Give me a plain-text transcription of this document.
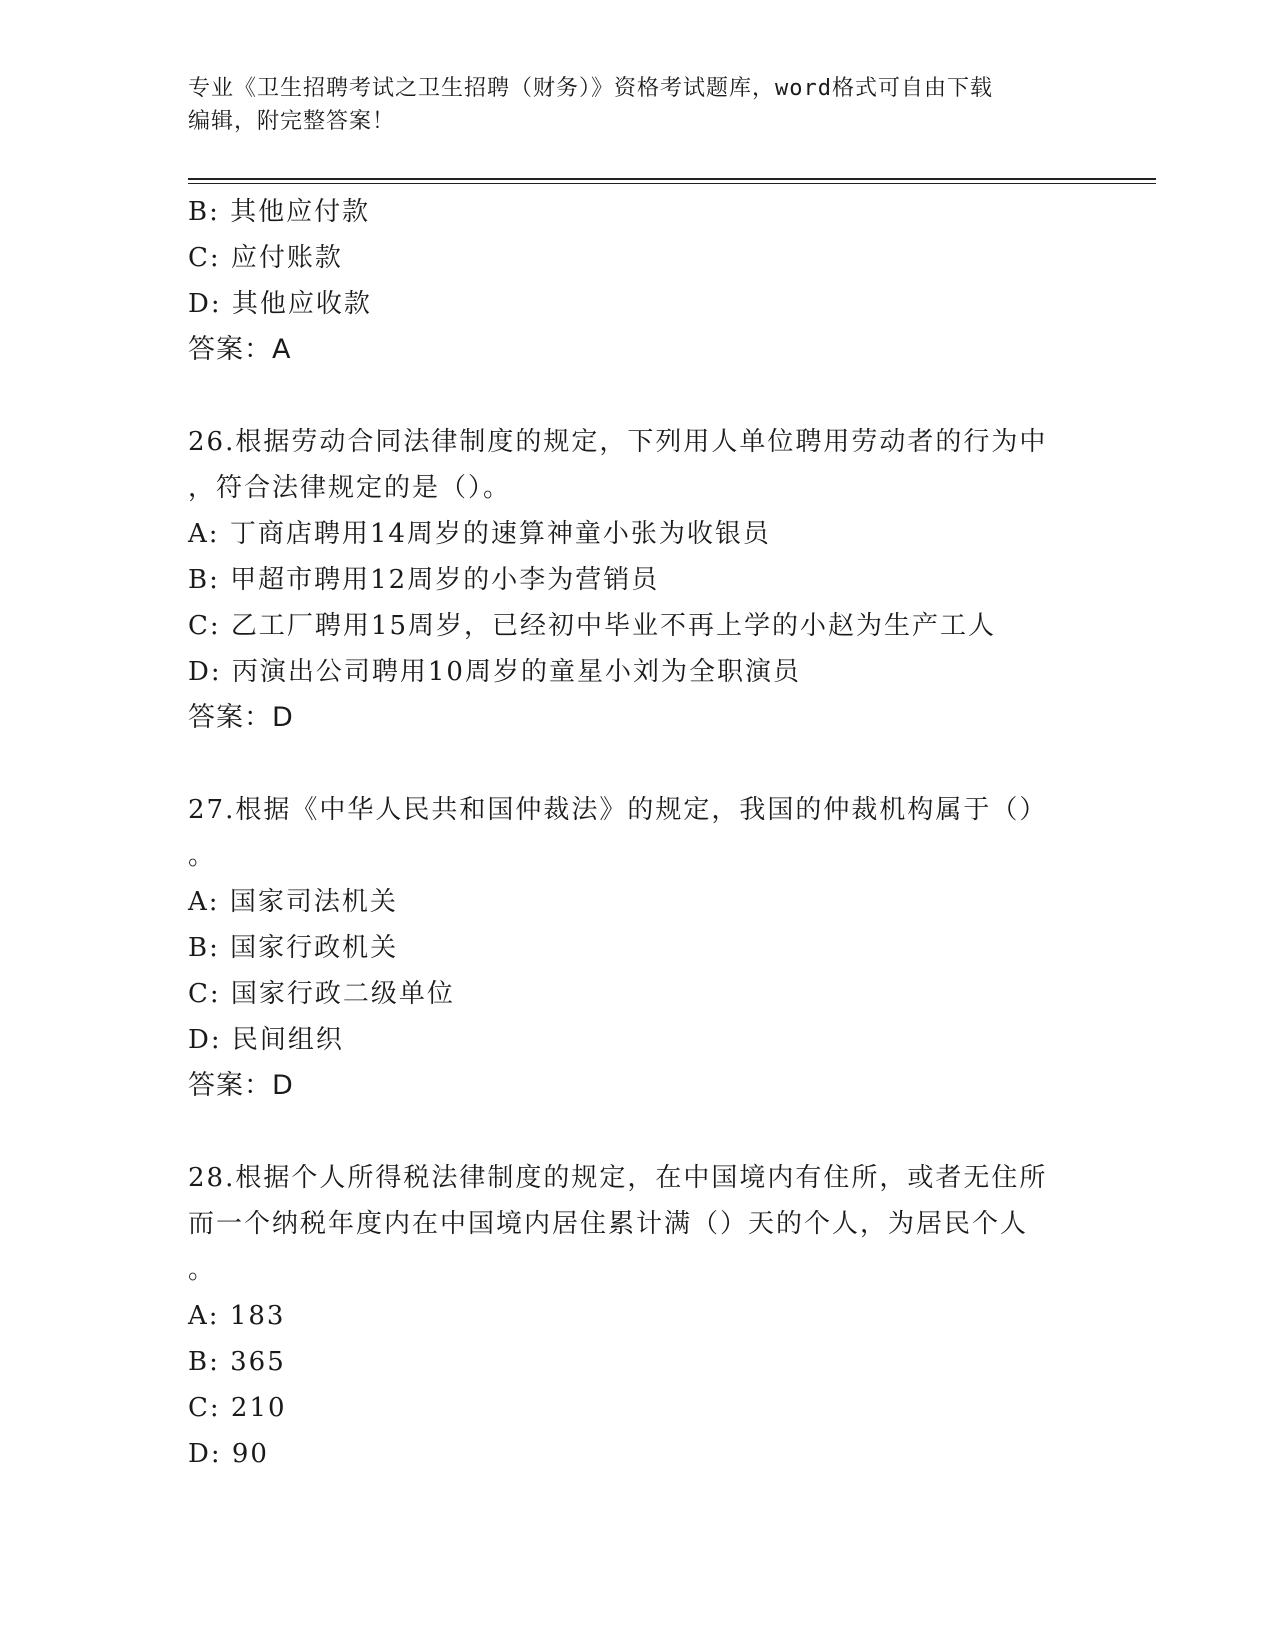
专业《卫生招聘考试之卫生招聘（财务）》资格考试题库，word格式可自由下载
编辑，附完整答案！
B: 其他应付款
C: 应付账款
D: 其他应收款
答案：A
26.根据劳动合同法律制度的规定，下列用人单位聘用劳动者的行为中
，符合法律规定的是（）。
A: 丁商店聘用14周岁的速算神童小张为收银员
B: 甲超市聘用12周岁的小李为营销员
C: 乙工厂聘用15周岁，已经初中毕业不再上学的小赵为生产工人
D: 丙演出公司聘用10周岁的童星小刘为全职演员
答案：D
27.根据《中华人民共和国仲裁法》的规定，我国的仲裁机构属于（）
。
A: 国家司法机关
B: 国家行政机关
C: 国家行政二级单位
D: 民间组织
答案：D
28.根据个人所得税法律制度的规定，在中国境内有住所，或者无住所
而一个纳税年度内在中国境内居住累计满（）天的个人，为居民个人
。
A: 183
B: 365
C: 210
D: 90
